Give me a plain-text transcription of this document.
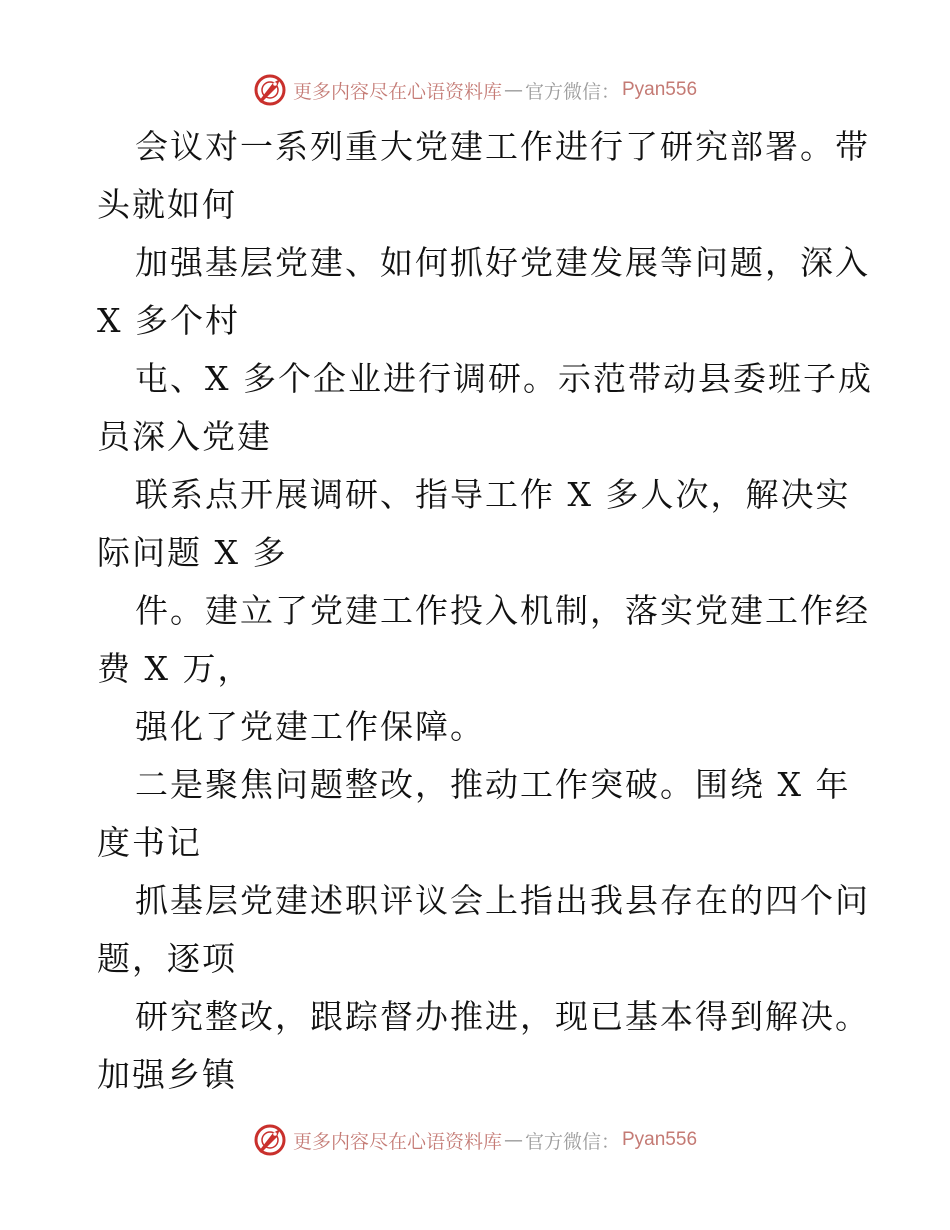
更多内容尽在心语资料库 — 官方微信： Pyan556
会议对一系列重大党建工作进行了研究部署。带
头就如何
加强基层党建、如何抓好党建发展等问题，深入
X 多个村
屯、X 多个企业进行调研。示范带动县委班子成
员深入党建
联系点开展调研、指导工作 X 多人次，解决实
际问题 X 多
件。建立了党建工作投入机制，落实党建工作经
费 X 万，
强化了党建工作保障。
二是聚焦问题整改，推动工作突破。围绕 X 年
度书记
抓基层党建述职评议会上指出我县存在的四个问
题，逐项
研究整改，跟踪督办推进，现已基本得到解决。
加强乡镇
更多内容尽在心语资料库 — 官方微信： Pyan556
